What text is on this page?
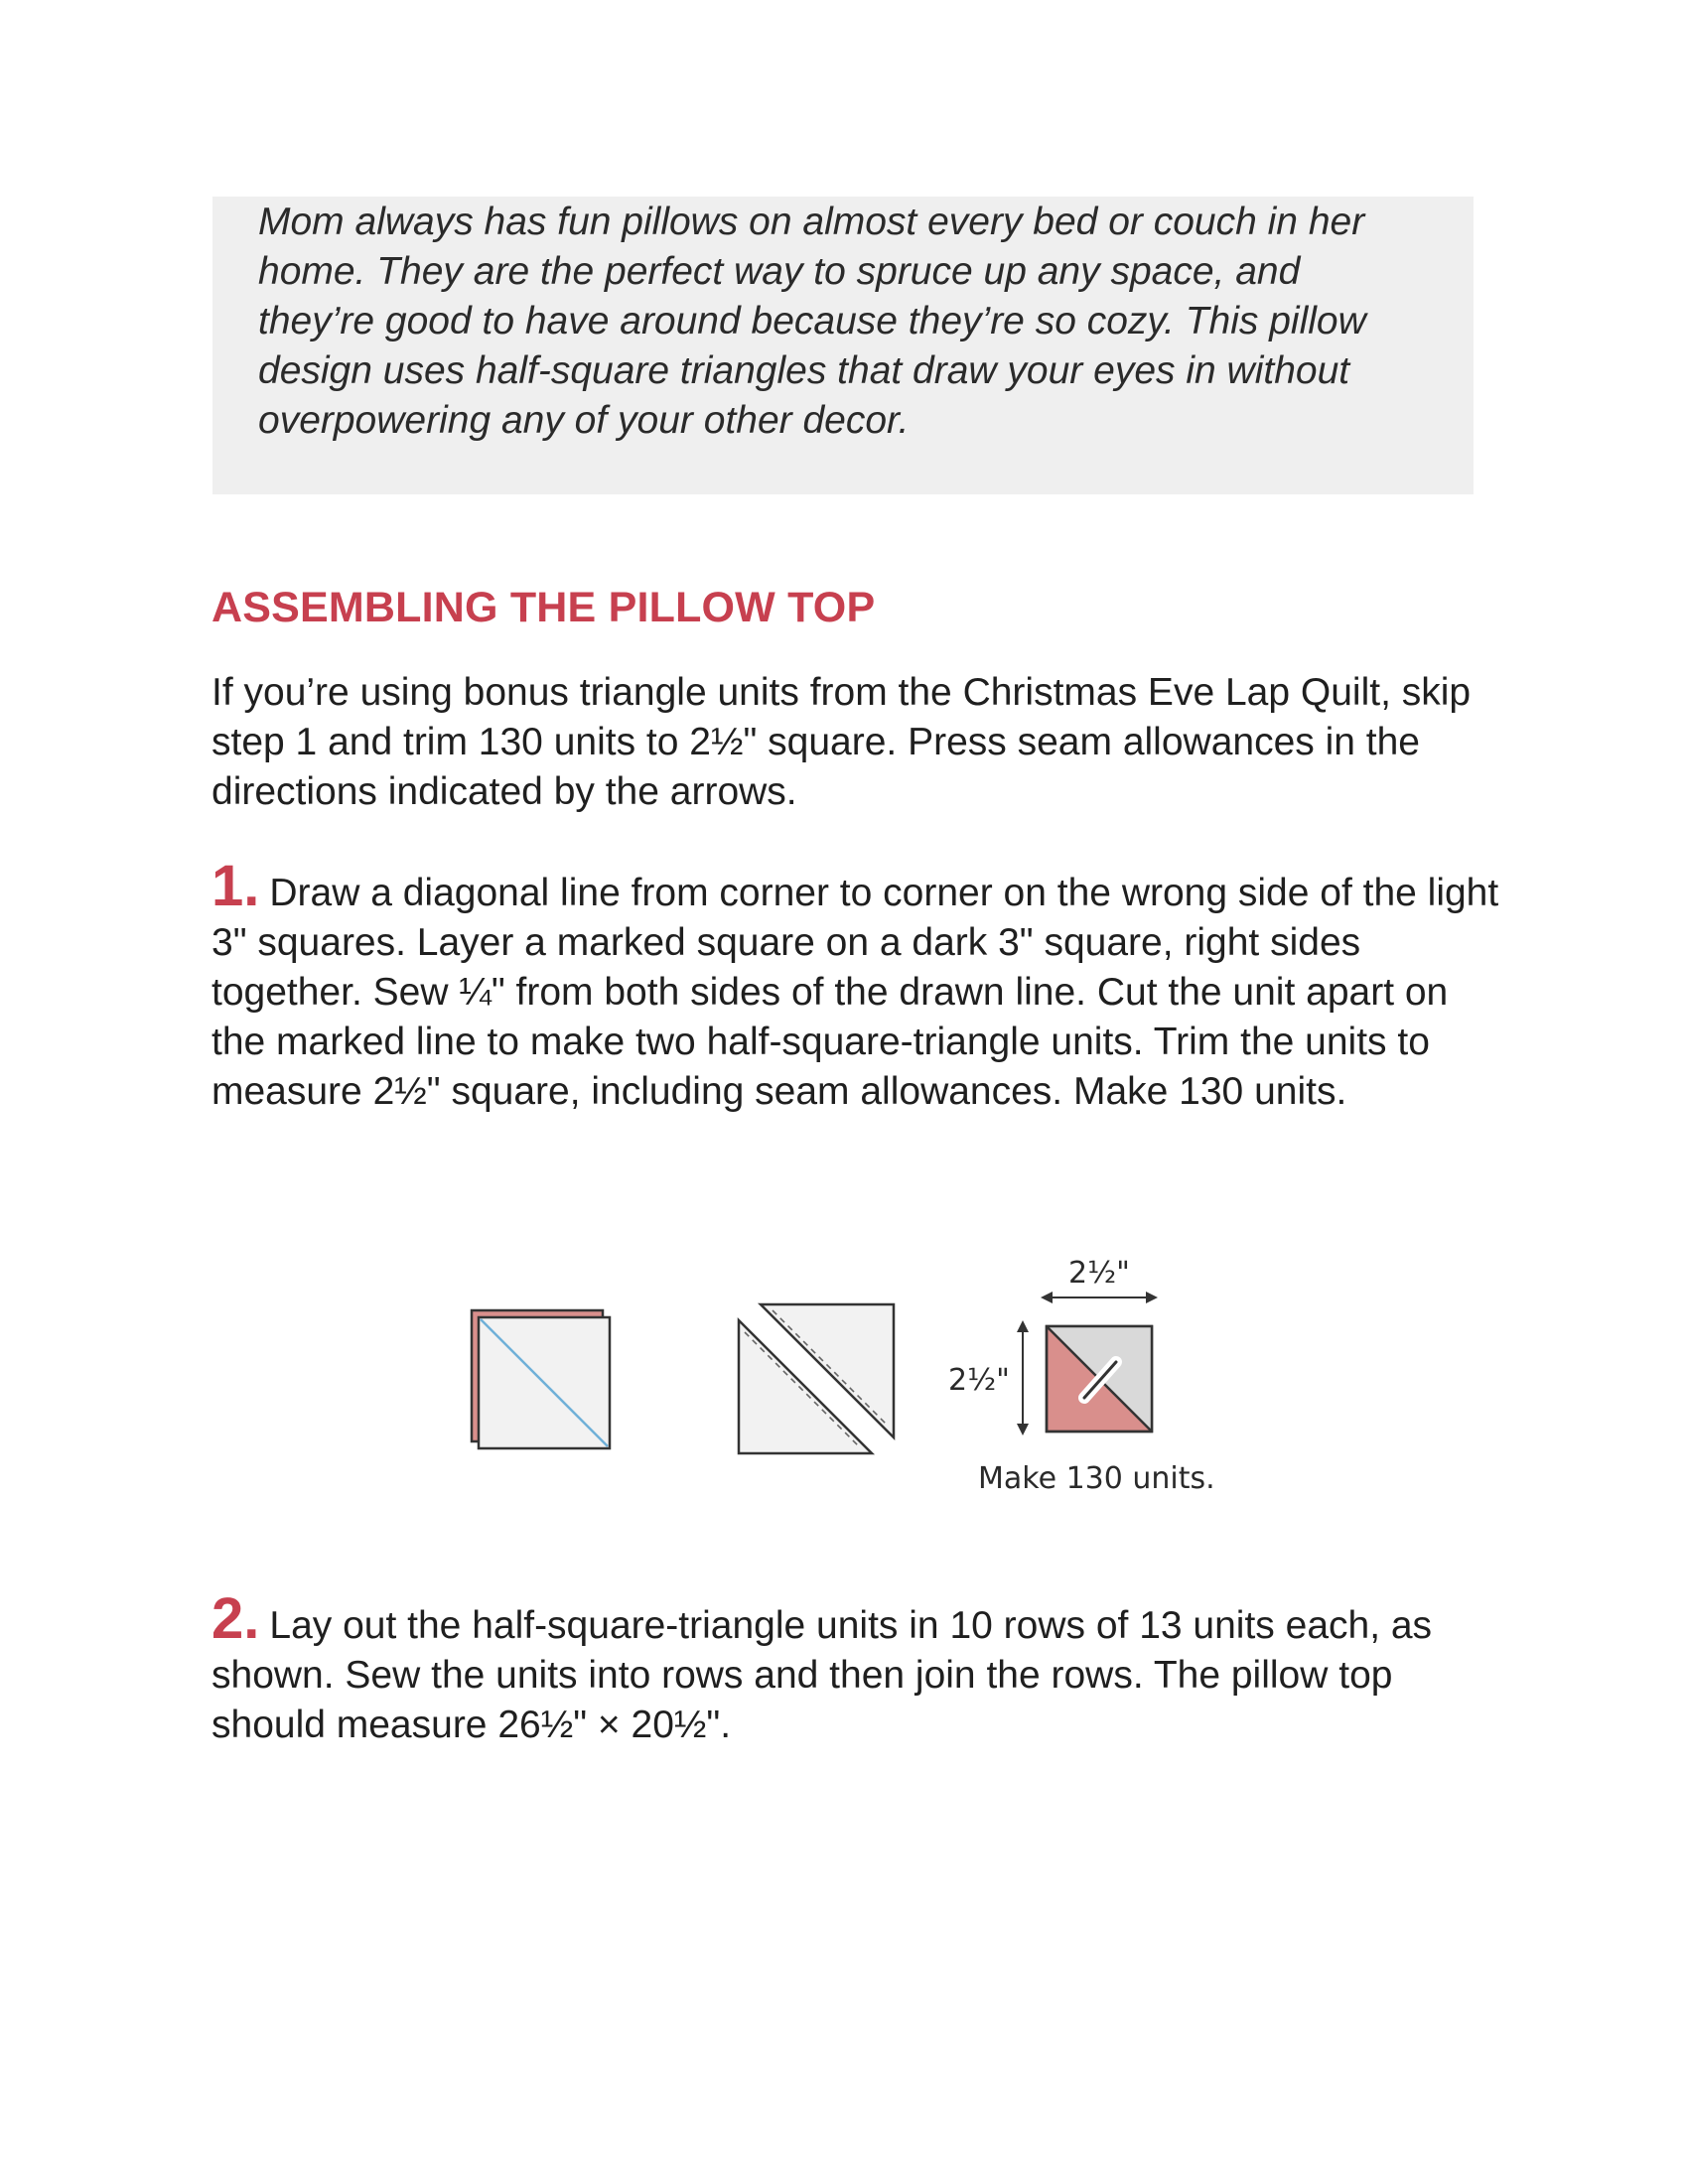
Mom always has fun pillows on almost every bed or couch in her home. They are the perfect way to spruce up any space, and they’re good to have around because they’re so cozy. This pillow design uses half-square triangles that draw your eyes in without overpowering any of your other decor.

ASSEMBLING THE PILLOW TOP

If you’re using bonus triangle units from the Christmas Eve Lap Quilt, skip step 1 and trim 130 units to 2½" square. Press seam allowances in the directions indicated by the arrows.

1. Draw a diagonal line from corner to corner on the wrong side of the light 3" squares. Layer a marked square on a dark 3" square, right sides together. Sew ¼" from both sides of the drawn line. Cut the unit apart on the marked line to make two half-square-triangle units. Trim the units to measure 2½" square, including seam allowances. Make 130 units.

2½"
2½"
Make 130 units.

2. Lay out the half-square-triangle units in 10 rows of 13 units each, as shown. Sew the units into rows and then join the rows. The pillow top should measure 26½" × 20½".
